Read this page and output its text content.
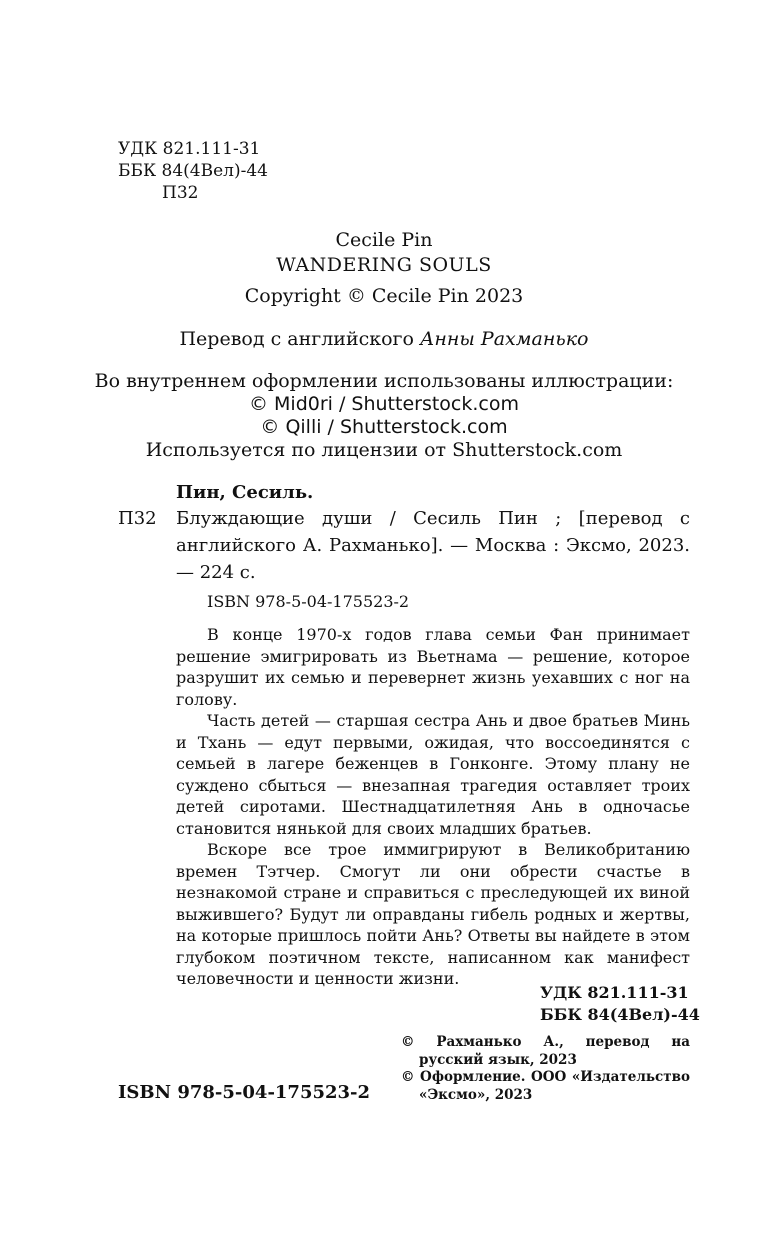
УДК 821.111-31
ББК 84(4Вел)-44
П32
Cecile Pin
WANDERING SOULS
Copyright © Cecile Pin 2023
Перевод с английского Анны Рахманько
Во внутреннем оформлении использованы иллюстрации:
© Mid0ri / Shutterstock.com
© Qilli / Shutterstock.com
Используется по лицензии от Shutterstock.com
Пин, Сесиль.
П32 Блуждающие души / Сесиль Пин ; [перевод с английского А. Рахманько]. — Москва : Эксмо, 2023. — 224 с.
ISBN 978-5-04-175523-2

В конце 1970-х годов глава семьи Фан принимает решение эмигрировать из Вьетнама — решение, которое разрушит их семью и перевернет жизнь уехавших с ног на голову.

Часть детей — старшая сестра Ань и двое братьев Минь и Тхань — едут первыми, ожидая, что воссоединятся с семьей в лагере беженцев в Гонконге. Этому плану не суждено сбыться — внезапная трагедия оставляет троих детей сиротами. Шестнадцатилетняя Ань в одночасье становится нянькой для своих младших братьев.

Вскоре все трое иммигрируют в Великобританию времен Тэтчер. Смогут ли они обрести счастье в незнакомой стране и справиться с преследующей их виной выжившего? Будут ли оправданы гибель родных и жертвы, на которые пришлось пойти Ань? Ответы вы найдете в этом глубоком поэтичном тексте, написанном как манифест человечности и ценности жизни.

УДК 821.111-31
ББК 84(4Вел)-44

© Рахманько А., перевод на русский язык, 2023

© Оформление. ООО «Издательство «Эксмо», 2023

ISBN 978-5-04-175523-2
